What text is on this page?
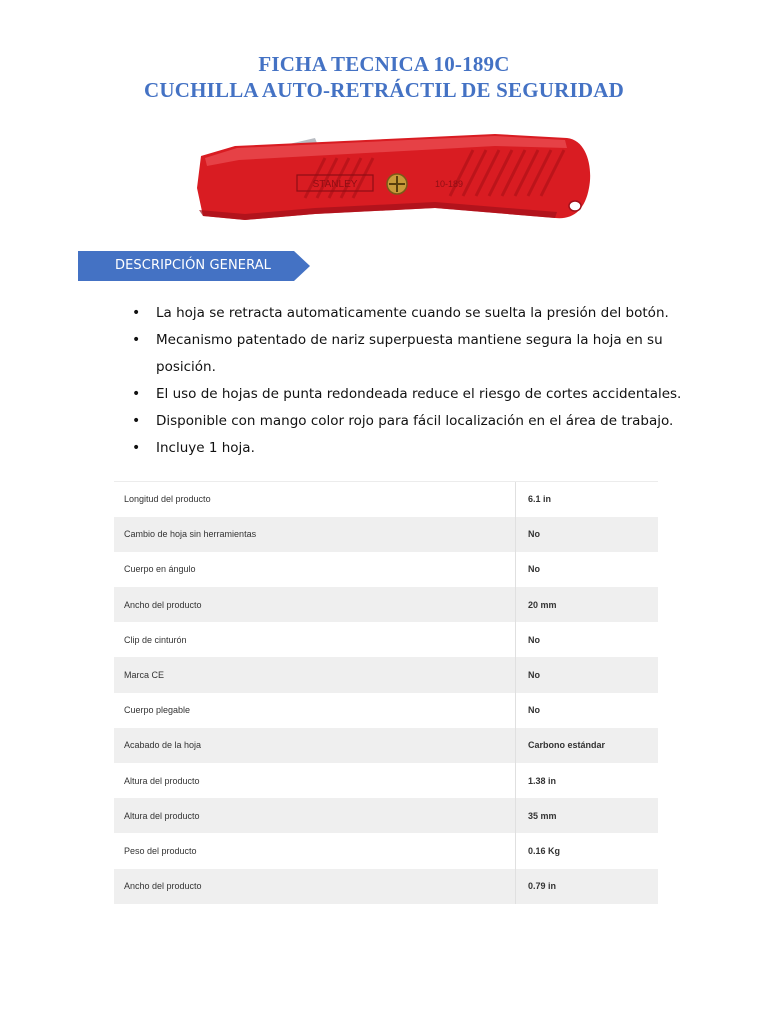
FICHA TECNICA 10-189C
CUCHILLA AUTO-RETRÁCTIL DE SEGURIDAD
STANLEY	10-189
DESCRIPCIÓN GENERAL
• La hoja se retracta automaticamente cuando se suelta la presión del botón.
• Mecanismo patentado de nariz superpuesta mantiene segura la hoja en su posición.
• El uso de hojas de punta redondeada reduce el riesgo de cortes accidentales.
• Disponible con mango color rojo para fácil localización en el área de trabajo.
• Incluye 1 hoja.
Longitud del producto	6.1 in
Cambio de hoja sin herramientas	No
Cuerpo en ángulo	No
Ancho del producto	20 mm
Clip de cinturón	No
Marca CE	No
Cuerpo plegable	No
Acabado de la hoja	Carbono estándar
Altura del producto	1.38 in
Altura del producto	35 mm
Peso del producto	0.16 Kg
Ancho del producto	0.79 in
